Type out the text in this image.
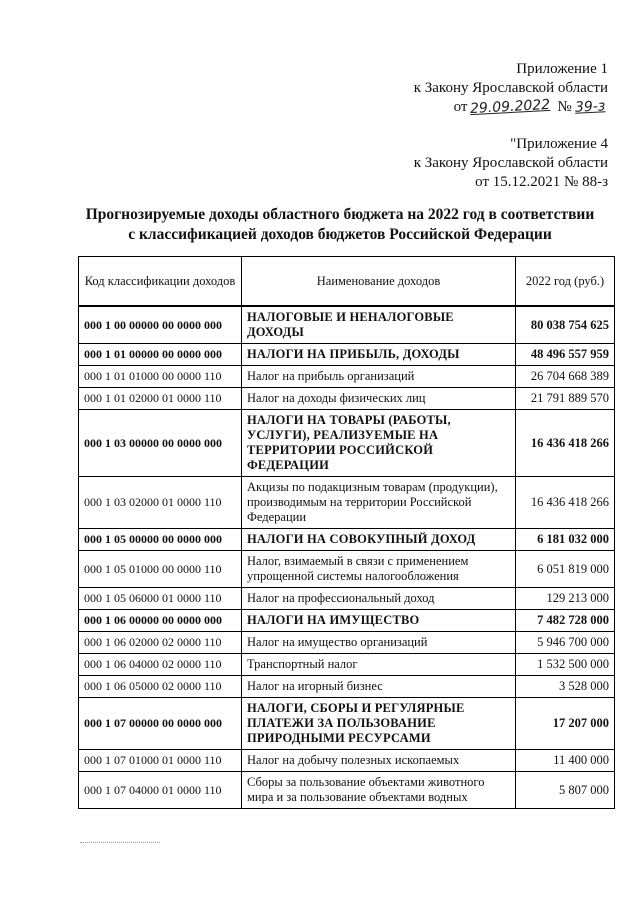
Приложение 1
к Закону Ярославской области
от 29.09.2022 № 39-з
"Приложение 4
к Закону Ярославской области
от 15.12.2021 № 88-з
Прогнозируемые доходы областного бюджета на 2022 год в соответствии
с классификацией доходов бюджетов Российской Федерации
Код классификации доходов	Наименование доходов	2022 год (руб.)
000 1 00 00000 00 0000 000	НАЛОГОВЫЕ И НЕНАЛОГОВЫЕ ДОХОДЫ	80 038 754 625
000 1 01 00000 00 0000 000	НАЛОГИ НА ПРИБЫЛЬ, ДОХОДЫ	48 496 557 959
000 1 01 01000 00 0000 110	Налог на прибыль организаций	26 704 668 389
000 1 01 02000 01 0000 110	Налог на доходы физических лиц	21 791 889 570
000 1 03 00000 00 0000 000	НАЛОГИ НА ТОВАРЫ (РАБОТЫ, УСЛУГИ), РЕАЛИЗУЕМЫЕ НА ТЕРРИТОРИИ РОССИЙСКОЙ ФЕДЕРАЦИИ	16 436 418 266
000 1 03 02000 01 0000 110	Акцизы по подакцизным товарам (продукции), производимым на территории Российской Федерации	16 436 418 266
000 1 05 00000 00 0000 000	НАЛОГИ НА СОВОКУПНЫЙ ДОХОД	6 181 032 000
000 1 05 01000 00 0000 110	Налог, взимаемый в связи с применением упрощенной системы налогообложения	6 051 819 000
000 1 05 06000 01 0000 110	Налог на профессиональный доход	129 213 000
000 1 06 00000 00 0000 000	НАЛОГИ НА ИМУЩЕСТВО	7 482 728 000
000 1 06 02000 02 0000 110	Налог на имущество организаций	5 946 700 000
000 1 06 04000 02 0000 110	Транспортный налог	1 532 500 000
000 1 06 05000 02 0000 110	Налог на игорный бизнес	3 528 000
000 1 07 00000 00 0000 000	НАЛОГИ, СБОРЫ И РЕГУЛЯРНЫЕ ПЛАТЕЖИ ЗА ПОЛЬЗОВАНИЕ ПРИРОДНЫМИ РЕСУРСАМИ	17 207 000
000 1 07 01000 01 0000 110	Налог на добычу полезных ископаемых	11 400 000
000 1 07 04000 01 0000 110	Сборы за пользование объектами животного мира и за пользование объектами водных	5 807 000
